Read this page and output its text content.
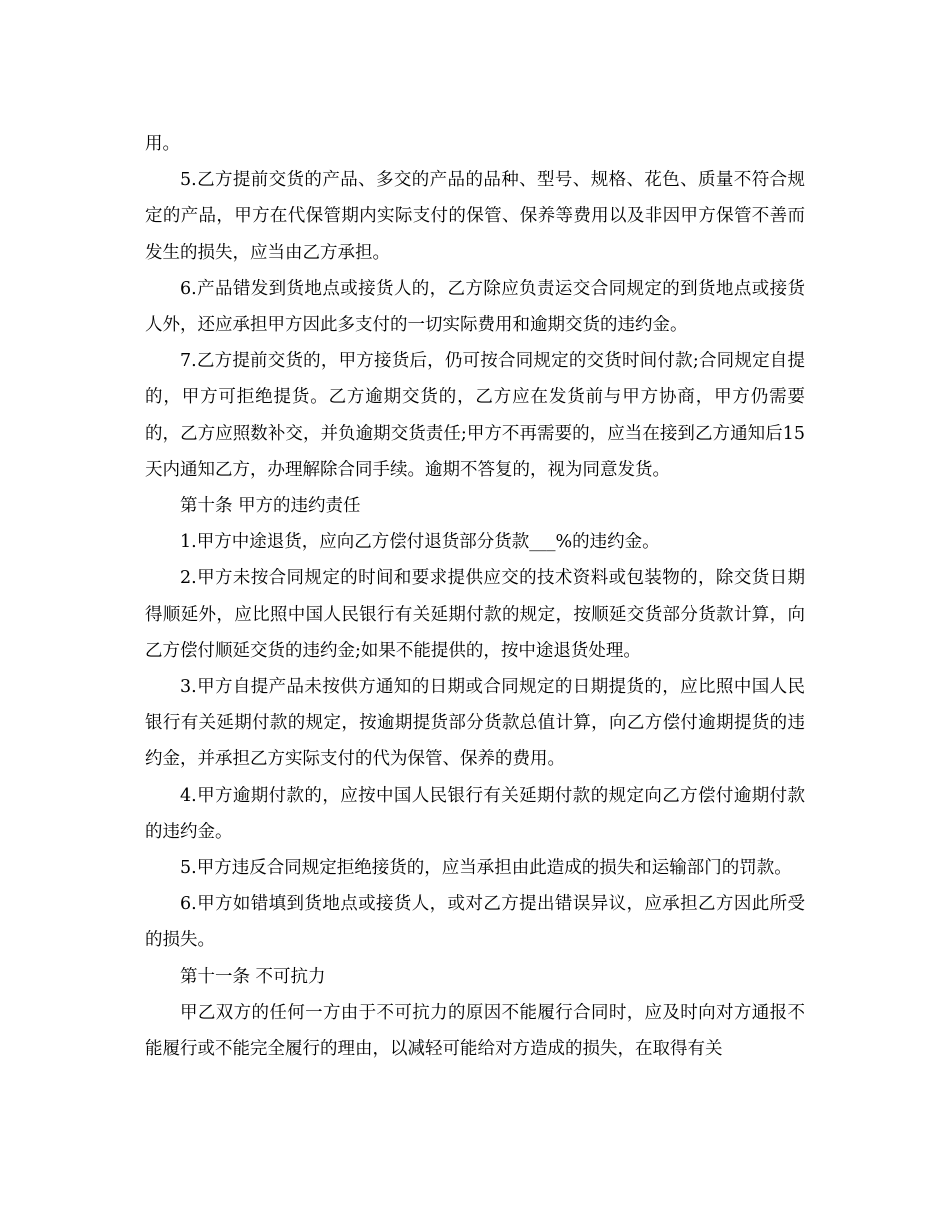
用。

5.乙方提前交货的产品、多交的产品的品种、型号、规格、花色、质量不符合规定的产品，甲方在代保管期内实际支付的保管、保养等费用以及非因甲方保管不善而发生的损失，应当由乙方承担。

6.产品错发到货地点或接货人的，乙方除应负责运交合同规定的到货地点或接货人外，还应承担甲方因此多支付的一切实际费用和逾期交货的违约金。

7.乙方提前交货的，甲方接货后，仍可按合同规定的交货时间付款;合同规定自提的，甲方可拒绝提货。乙方逾期交货的，乙方应在发货前与甲方协商，甲方仍需要的，乙方应照数补交，并负逾期交货责任;甲方不再需要的，应当在接到乙方通知后15天内通知乙方，办理解除合同手续。逾期不答复的，视为同意发货。

第十条 甲方的违约责任

1.甲方中途退货，应向乙方偿付退货部分货款___%的违约金。

2.甲方未按合同规定的时间和要求提供应交的技术资料或包装物的，除交货日期得顺延外，应比照中国人民银行有关延期付款的规定，按顺延交货部分货款计算，向乙方偿付顺延交货的违约金;如果不能提供的，按中途退货处理。

3.甲方自提产品未按供方通知的日期或合同规定的日期提货的，应比照中国人民银行有关延期付款的规定，按逾期提货部分货款总值计算，向乙方偿付逾期提货的违约金，并承担乙方实际支付的代为保管、保养的费用。

4.甲方逾期付款的，应按中国人民银行有关延期付款的规定向乙方偿付逾期付款的违约金。

5.甲方违反合同规定拒绝接货的，应当承担由此造成的损失和运输部门的罚款。

6.甲方如错填到货地点或接货人，或对乙方提出错误异议，应承担乙方因此所受的损失。

第十一条 不可抗力

甲乙双方的任何一方由于不可抗力的原因不能履行合同时，应及时向对方通报不能履行或不能完全履行的理由，以减轻可能给对方造成的损失，在取得有关
